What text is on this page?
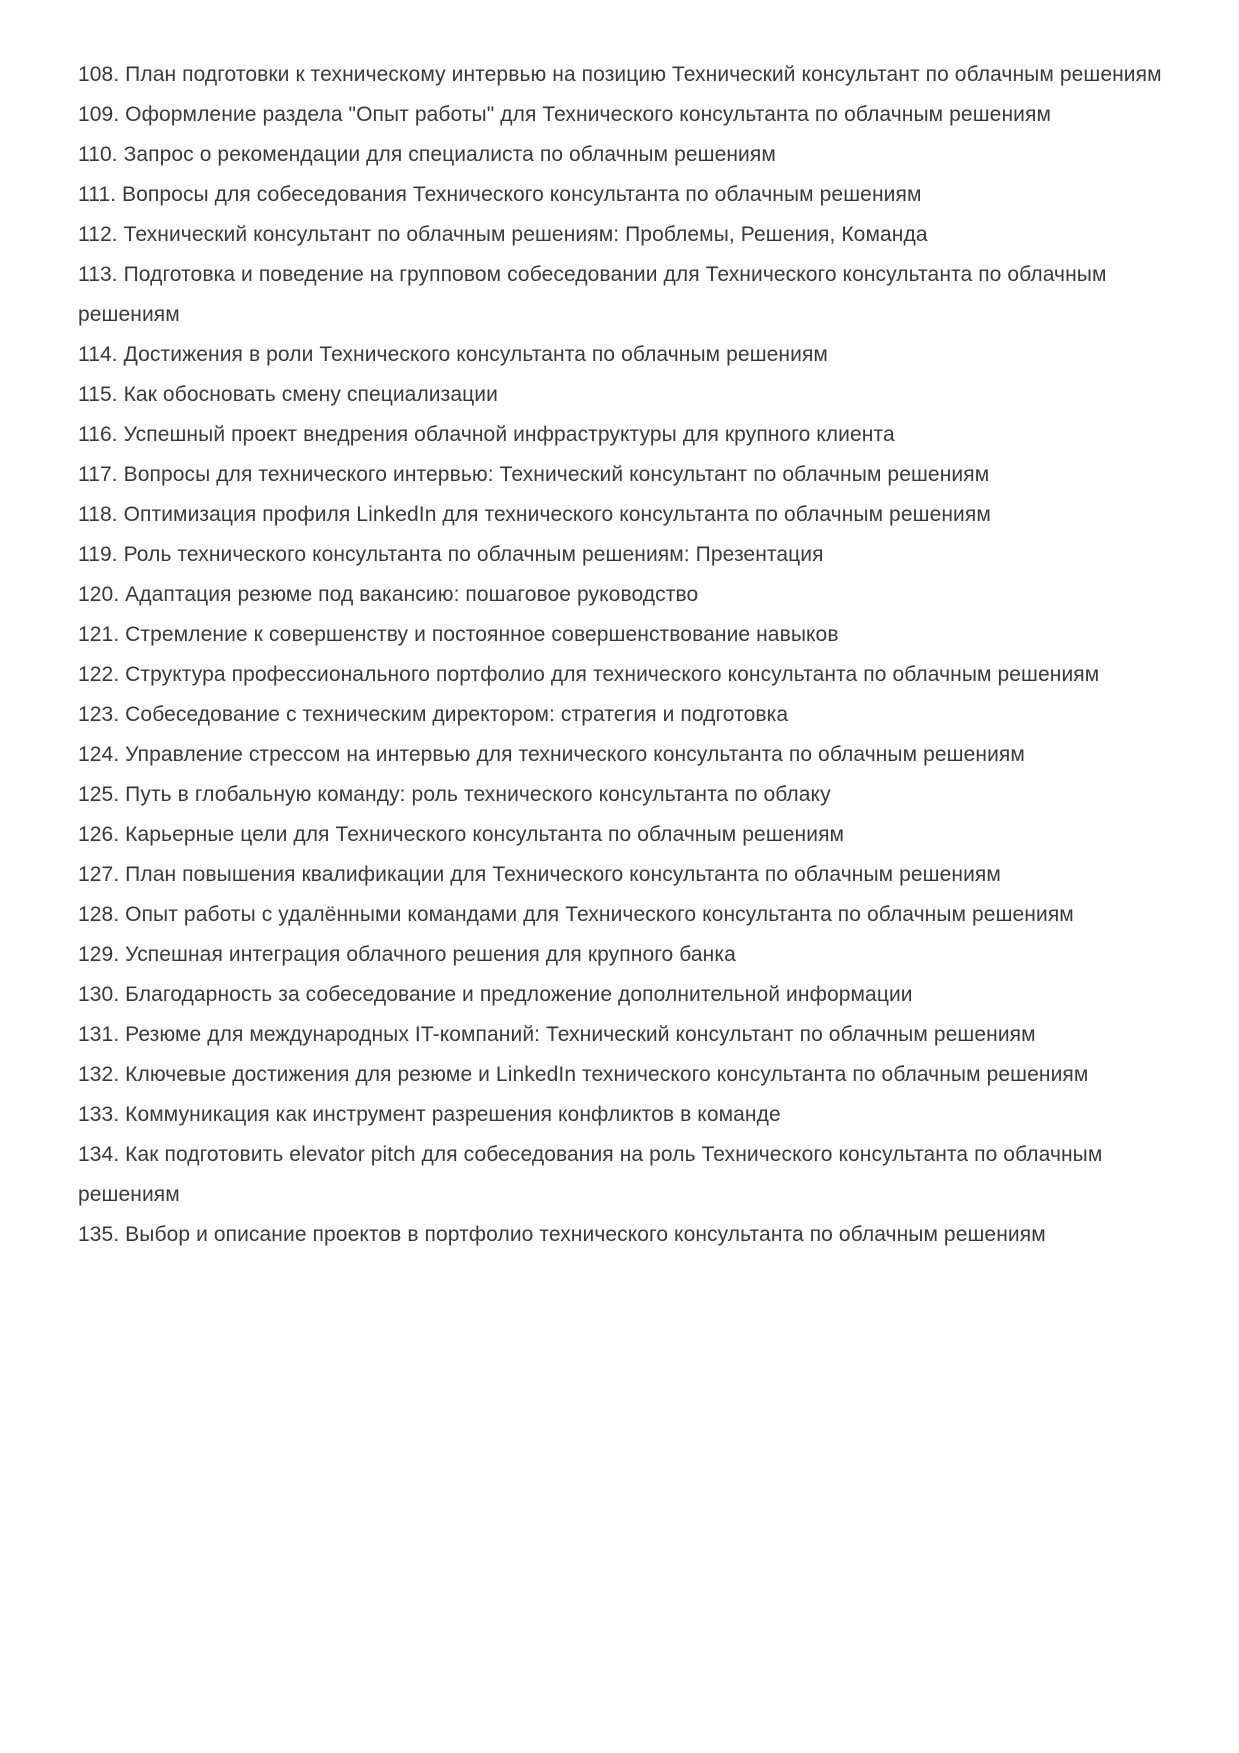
108. План подготовки к техническому интервью на позицию Технический консультант по облачным решениям

109. Оформление раздела "Опыт работы" для Технического консультанта по облачным решениям

110. Запрос о рекомендации для специалиста по облачным решениям

111. Вопросы для собеседования Технического консультанта по облачным решениям

112. Технический консультант по облачным решениям: Проблемы, Решения, Команда

113. Подготовка и поведение на групповом собеседовании для Технического консультанта по облачным решениям

114. Достижения в роли Технического консультанта по облачным решениям

115. Как обосновать смену специализации

116. Успешный проект внедрения облачной инфраструктуры для крупного клиента

117. Вопросы для технического интервью: Технический консультант по облачным решениям

118. Оптимизация профиля LinkedIn для технического консультанта по облачным решениям

119. Роль технического консультанта по облачным решениям: Презентация

120. Адаптация резюме под вакансию: пошаговое руководство

121. Стремление к совершенству и постоянное совершенствование навыков

122. Структура профессионального портфолио для технического консультанта по облачным решениям

123. Собеседование с техническим директором: стратегия и подготовка

124. Управление стрессом на интервью для технического консультанта по облачным решениям

125. Путь в глобальную команду: роль технического консультанта по облаку

126. Карьерные цели для Технического консультанта по облачным решениям

127. План повышения квалификации для Технического консультанта по облачным решениям

128. Опыт работы с удалёнными командами для Технического консультанта по облачным решениям

129. Успешная интеграция облачного решения для крупного банка

130. Благодарность за собеседование и предложение дополнительной информации

131. Резюме для международных IT-компаний: Технический консультант по облачным решениям

132. Ключевые достижения для резюме и LinkedIn технического консультанта по облачным решениям

133. Коммуникация как инструмент разрешения конфликтов в команде

134. Как подготовить elevator pitch для собеседования на роль Технического консультанта по облачным решениям

135. Выбор и описание проектов в портфолио технического консультанта по облачным решениям
